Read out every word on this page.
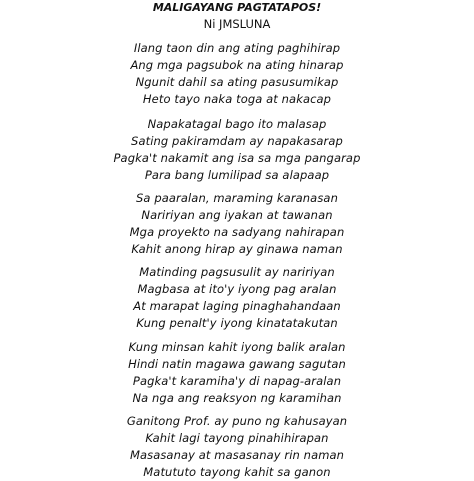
MALIGAYANG PAGTATAPOS!
Ni JMSLUNA
Ilang taon din ang ating paghihirap
Ang mga pagsubok na ating hinarap
Ngunit dahil sa ating pasusumikap
Heto tayo naka toga at nakacap
Napakatagal bago ito malasap
Sating pakiramdam ay napakasarap
Pagka't nakamit ang isa sa mga pangarap
Para bang lumilipad sa alapaap
Sa paaralan, maraming karanasan
Naririyan ang iyakan at tawanan
Mga proyekto na sadyang nahirapan
Kahit anong hirap ay ginawa naman
Matinding pagsusulit ay naririyan
Magbasa at ito'y iyong pag aralan
At marapat laging pinaghahandaan
Kung penalt'y iyong kinatatakutan
Kung minsan kahit iyong balik aralan
Hindi natin magawa gawang sagutan
Pagka't karamiha'y di napag-aralan
Na nga ang reaksyon ng karamihan
Ganitong Prof. ay puno ng kahusayan
Kahit lagi tayong pinahihirapan
Masasanay at masasanay rin naman
Matututo tayong kahit sa ganon
